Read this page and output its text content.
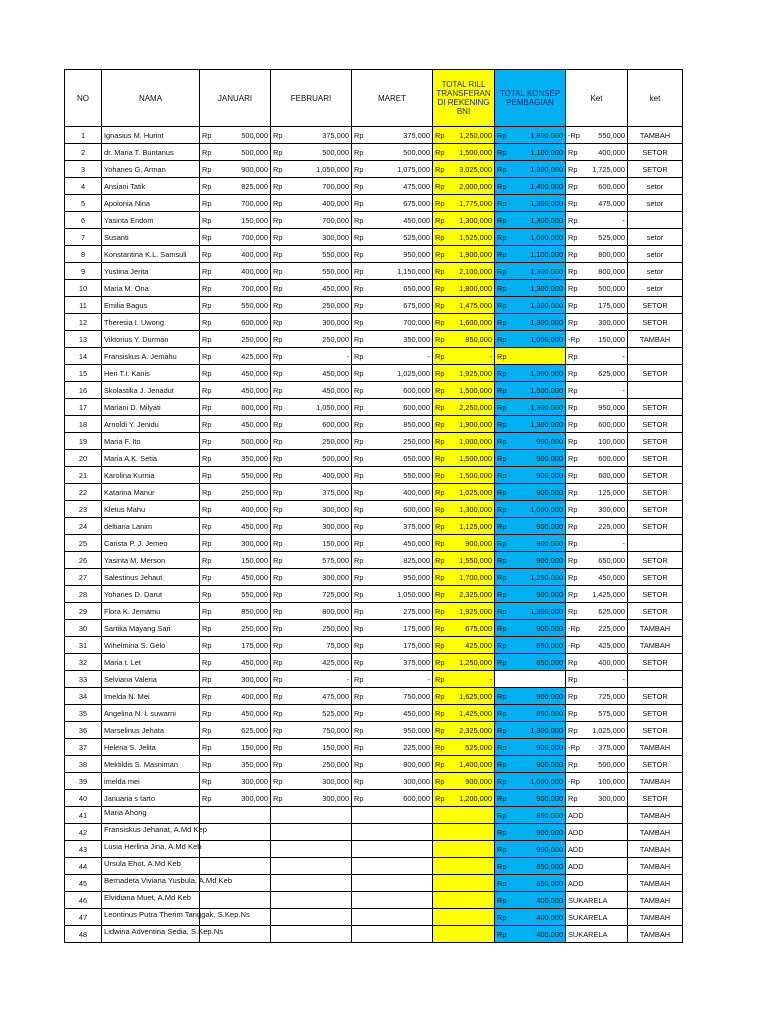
NO	NAMA	JANUARI	FEBRUARI	MARET	TOTAL RILL TRANSFERAN DI REKENING BNI	TOTAL KONSEP PEMBAGIAN	Ket	ket
1	Ignasius M. Hurint	Rp 500,000	Rp 375,000	Rp 375,000	Rp 1,250,000	Rp 1,800,000	-Rp 550,000	TAMBAH
2	dr. Maria T. Buntanus	Rp 500,000	Rp 500,000	Rp 500,000	Rp 1,500,000	Rp 1,100,000	Rp 400,000	SETOR
3	Yohanes G. Arman	Rp 900,000	Rp 1,050,000	Rp 1,075,000	Rp 3,025,000	Rp 1,300,000	Rp 1,725,000	SETOR
4	Ansiani Tatik	Rp 825,000	Rp 700,000	Rp 475,000	Rp 2,000,000	Rp 1,400,000	Rp 600,000	setor
5	Apolonia Nina	Rp 700,000	Rp 400,000	Rp 675,000	Rp 1,775,000	Rp 1,300,000	Rp 475,000	setor
6	Yasinta Endom	Rp 150,000	Rp 700,000	Rp 450,000	Rp 1,300,000	Rp 1,300,000	Rp -	

7	Susanti	Rp 700,000	Rp 300,000	Rp 525,000	Rp 1,525,000	Rp 1,000,000	Rp 525,000	setor
8	Konstantina K.L. Samsuli	Rp 400,000	Rp 550,000	Rp 950,000	Rp 1,900,000	Rp 1,100,000	Rp 800,000	setor
9	Yustina Jerita	Rp 400,000	Rp 550,000	Rp 1,150,000	Rp 2,100,000	Rp 1,300,000	Rp 800,000	setor
10	Maria M. Ona	Rp 700,000	Rp 450,000	Rp 650,000	Rp 1,800,000	Rp 1,300,000	Rp 500,000	setor
11	Emilia Bagus	Rp 550,000	Rp 250,000	Rp 675,000	Rp 1,475,000	Rp 1,300,000	Rp 175,000	SETOR
12	Theresia I. Uwong	Rp 600,000	Rp 300,000	Rp 700,000	Rp 1,600,000	Rp 1,300,000	Rp 300,000	SETOR
13	Viktorius Y. Durman	Rp 250,000	Rp 250,000	Rp 350,000	Rp 850,000	Rp 1,000,000	-Rp 150,000	TAMBAH
14	Fransiskus A. Jemahu	Rp 425,000	Rp -	Rp -	Rp -	Rp	Rp -	

15	Heri T.I. Kanis	Rp 450,000	Rp 450,000	Rp 1,025,000	Rp 1,925,000	Rp 1,300,000	Rp 625,000	SETOR
16	Skolastika J. Jenadut	Rp 450,000	Rp 450,000	Rp 600,000	Rp 1,500,000	Rp 1,500,000	Rp -	

17	Mariani D. Milyati	Rp 600,000	Rp 1,050,000	Rp 600,000	Rp 2,250,000	Rp 1,300,000	Rp 950,000	SETOR
18	Arnoldi Y. Jenidu	Rp 450,000	Rp 600,000	Rp 850,000	Rp 1,900,000	Rp 1,300,000	Rp 600,000	SETOR
19	Maria F. Ito	Rp 500,000	Rp 250,000	Rp 250,000	Rp 1,000,000	Rp 900,000	Rp 100,000	SETOR
20	Maria A.K. Setia	Rp 350,000	Rp 500,000	Rp 650,000	Rp 1,500,000	Rp 900,000	Rp 600,000	SETOR
21	Karolina Kurnia	Rp 550,000	Rp 400,000	Rp 550,000	Rp 1,500,000	Rp 900,000	Rp 600,000	SETOR
22	Katarina Manur	Rp 250,000	Rp 375,000	Rp 400,000	Rp 1,025,000	Rp 900,000	Rp 125,000	SETOR
23	Kletus Mahu	Rp 400,000	Rp 300,000	Rp 600,000	Rp 1,300,000	Rp 1,000,000	Rp 300,000	SETOR
24	deltiana Lanim	Rp 450,000	Rp 300,000	Rp 375,000	Rp 1,125,000	Rp 900,000	Rp 225,000	SETOR
25	Carista P. J. Jemeo	Rp 300,000	Rp 150,000	Rp 450,000	Rp 900,000	Rp 900,000	Rp -	

26	Yasinta M. Merson	Rp 150,000	Rp 575,000	Rp 825,000	Rp 1,550,000	Rp 900,000	Rp 650,000	SETOR
27	Salestinus Jehaut	Rp 450,000	Rp 300,000	Rp 950,000	Rp 1,700,000	Rp 1,250,000	Rp 450,000	SETOR
28	Yohanes D. Darut	Rp 550,000	Rp 725,000	Rp 1,050,000	Rp 2,325,000	Rp 900,000	Rp 1,425,000	SETOR
29	Flora K. Jemamu	Rp 850,000	Rp 800,000	Rp 275,000	Rp 1,925,000	Rp 1,300,000	Rp 625,000	SETOR
30	Sartika Mayang Sari	Rp 250,000	Rp 250,000	Rp 175,000	Rp 675,000	Rp 900,000	-Rp 225,000	TAMBAH
31	Wihelmina S. Gelo	Rp 175,000	Rp 75,000	Rp 175,000	Rp 425,000	Rp 850,000	-Rp 425,000	TAMBAH
32	Maria t. Let	Rp 450,000	Rp 425,000	Rp 375,000	Rp 1,250,000	Rp 850,000	Rp 400,000	SETOR
33	Selviana Valeria	Rp 300,000	Rp -	Rp -	Rp -		Rp -	

34	Imelda N. Mei	Rp 400,000	Rp 475,000	Rp 750,000	Rp 1,625,000	Rp 900,000	Rp 725,000	SETOR
35	Angelina N. I. suwarni	Rp 450,000	Rp 525,000	Rp 450,000	Rp 1,425,000	Rp 850,000	Rp 575,000	SETOR
36	Marselinus Jehata	Rp 625,000	Rp 750,000	Rp 950,000	Rp 2,325,000	Rp 1,300,000	Rp 1,025,000	SETOR
37	Helena S. Jelita	Rp 150,000	Rp 150,000	Rp 225,000	Rp 525,000	Rp 900,000	-Rp 375,000	TAMBAH
38	Mektildis S. Masniman	Rp 350,000	Rp 250,000	Rp 800,000	Rp 1,400,000	Rp 900,000	Rp 500,000	SETOR
39	imelda mei	Rp 300,000	Rp 300,000	Rp 300,000	Rp 900,000	Rp 1,000,000	-Rp 100,000	TAMBAH
40	Januaria s tarto	Rp 300,000	Rp 300,000	Rp 600,000	Rp 1,200,000	Rp 900,000	Rp 300,000	SETOR
41	Maria Ahong					Rp 850,000	ADD	TAMBAH
42	Fransiskus Jehanat, A.Md Kep					Rp 900,000	ADD	TAMBAH
43	Lusia Herlina Jina, A.Md Keb					Rp 900,000	ADD	TAMBAH
44	Ursula Ehot, A.Md Keb					Rp 850,000	ADD	TAMBAH
45	Bernadeta Viviana Yusbula, A.Md Keb					Rp 850,000	ADD	TAMBAH
46	Elvidiana Muet, A.Md Keb					Rp 400,000	SUKARELA	TAMBAH
47	Leontinus Putra Therim Tanggak, S.Kep.Ns					Rp 400,000	SUKARELA	TAMBAH
48	Lidwina Adventina Sedia, S.Kep.Ns					Rp 400,000	SUKARELA	TAMBAH
